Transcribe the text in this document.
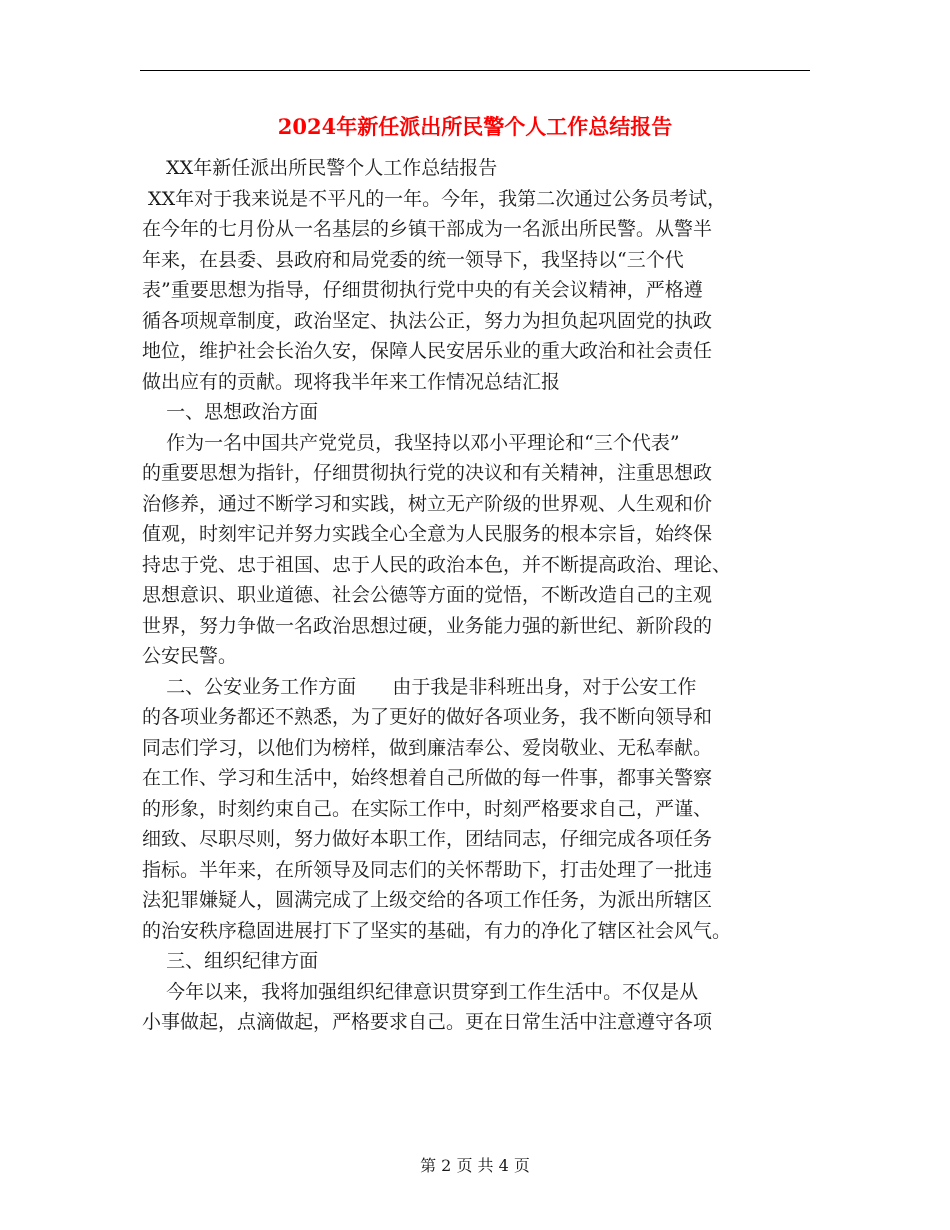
2024年新任派出所民警个人工作总结报告
XX年新任派出所民警个人工作总结报告
XX年对于我来说是不平凡的一年。今年，我第二次通过公务员考试，
在今年的七月份从一名基层的乡镇干部成为一名派出所民警。从警半
年来，在县委、县政府和局党委的统一领导下，我坚持以“三个代
表”重要思想为指导，仔细贯彻执行党中央的有关会议精神，严格遵
循各项规章制度，政治坚定、执法公正，努力为担负起巩固党的执政
地位，维护社会长治久安，保障人民安居乐业的重大政治和社会责任
做出应有的贡献。现将我半年来工作情况总结汇报
一、思想政治方面
作为一名中国共产党党员，我坚持以邓小平理论和“三个代表”
的重要思想为指针，仔细贯彻执行党的决议和有关精神，注重思想政
治修养，通过不断学习和实践，树立无产阶级的世界观、人生观和价
值观，时刻牢记并努力实践全心全意为人民服务的根本宗旨，始终保
持忠于党、忠于祖国、忠于人民的政治本色，并不断提高政治、理论、
思想意识、职业道德、社会公德等方面的觉悟，不断改造自己的主观
世界，努力争做一名政治思想过硬，业务能力强的新世纪、新阶段的
公安民警。
二、公安业务工作方面      由于我是非科班出身，对于公安工作
的各项业务都还不熟悉，为了更好的做好各项业务，我不断向领导和
同志们学习，以他们为榜样，做到廉洁奉公、爱岗敬业、无私奉献。
在工作、学习和生活中，始终想着自己所做的每一件事，都事关警察
的形象，时刻约束自己。在实际工作中，时刻严格要求自己，严谨、
细致、尽职尽则，努力做好本职工作，团结同志，仔细完成各项任务
指标。半年来，在所领导及同志们的关怀帮助下，打击处理了一批违
法犯罪嫌疑人，圆满完成了上级交给的各项工作任务，为派出所辖区
的治安秩序稳固进展打下了坚实的基础，有力的净化了辖区社会风气。
三、组织纪律方面
今年以来，我将加强组织纪律意识贯穿到工作生活中。不仅是从
小事做起，点滴做起，严格要求自己。更在日常生活中注意遵守各项
第 2 页 共 4 页
